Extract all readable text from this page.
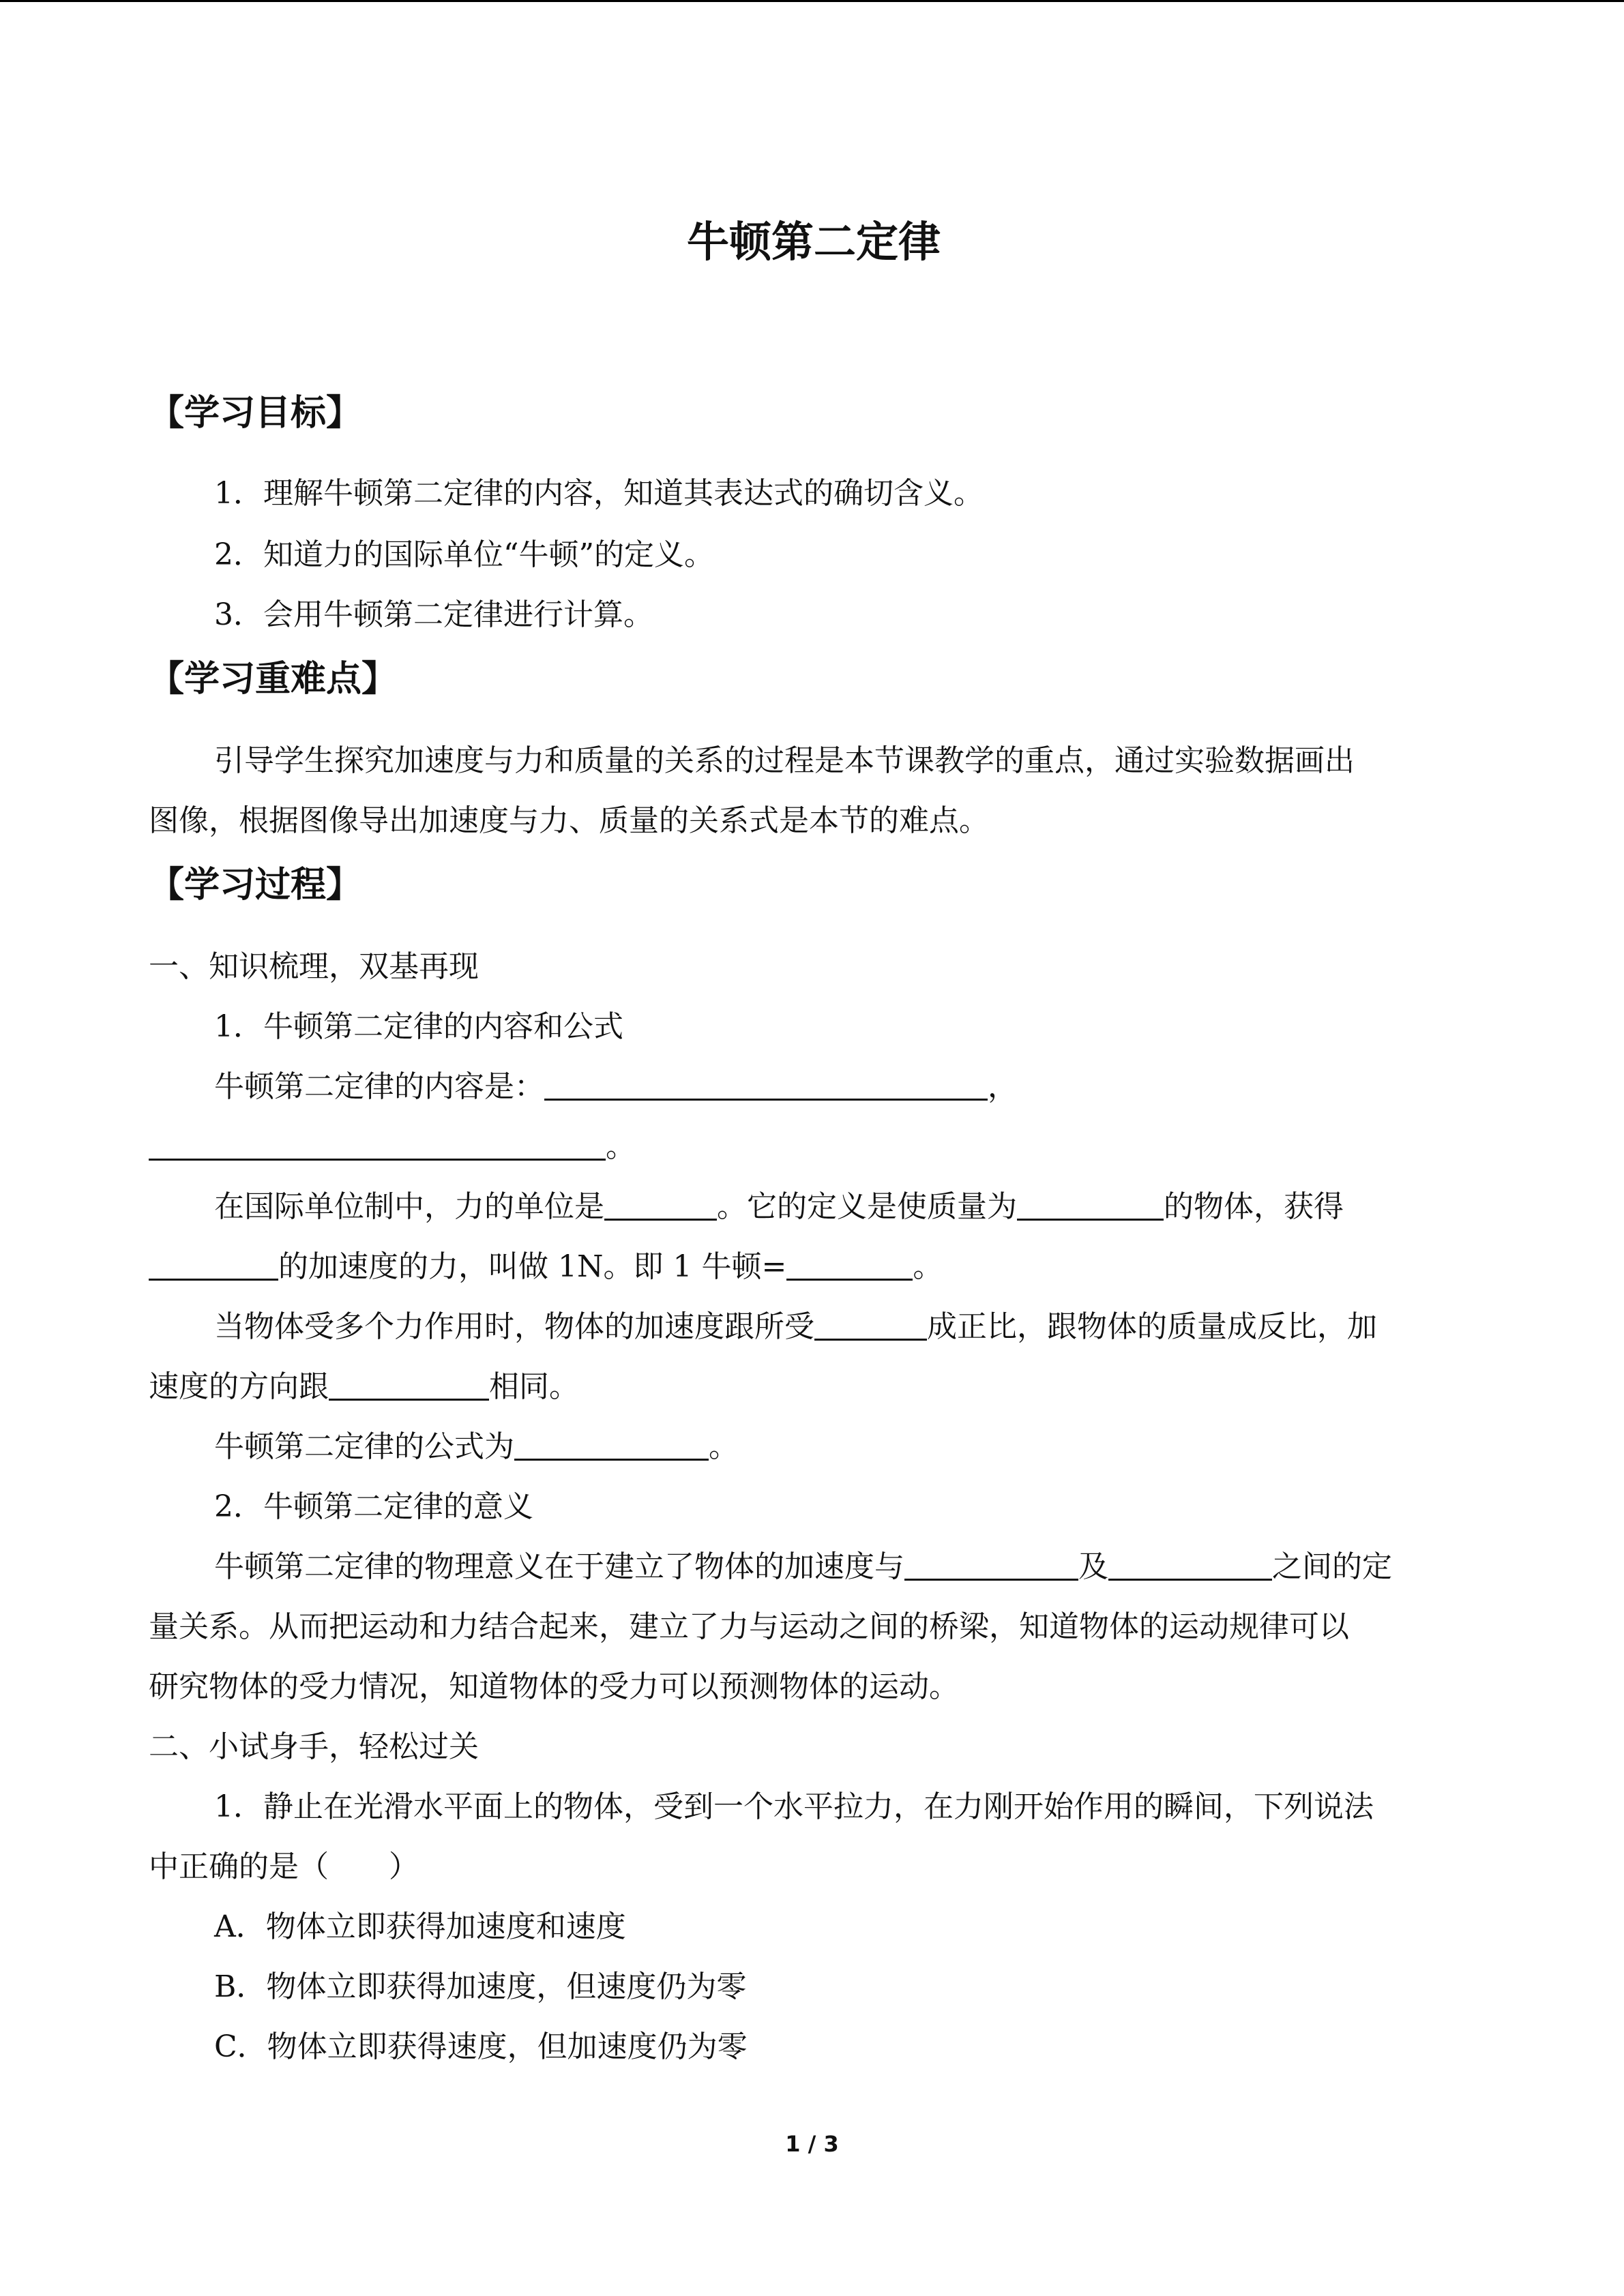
牛顿第二定律
【学习目标】
1．理解牛顿第二定律的内容，知道其表达式的确切含义。
2．知道力的国际单位“牛顿”的定义。
3．会用牛顿第二定律进行计算。
【学习重难点】
引导学生探究加速度与力和质量的关系的过程是本节课教学的重点，通过实验数据画出
图像，根据图像导出加速度与力、质量的关系式是本节的难点。
【学习过程】
一、知识梳理，双基再现
1．牛顿第二定律的内容和公式
牛顿第二定律的内容是：	，
。
在国际单位制中，力的单位是	。它的定义是使质量为	的物体，获得
的加速度的力，叫做 1N。即 1 牛顿=	。
当物体受多个力作用时，物体的加速度跟所受	成正比，跟物体的质量成反比，加
速度的方向跟	相同。
牛顿第二定律的公式为	。
2．牛顿第二定律的意义
牛顿第二定律的物理意义在于建立了物体的加速度与	及	之间的定
量关系。从而把运动和力结合起来，建立了力与运动之间的桥梁，知道物体的运动规律可以
研究物体的受力情况，知道物体的受力可以预测物体的运动。
二、小试身手，轻松过关
1．静止在光滑水平面上的物体，受到一个水平拉力，在力刚开始作用的瞬间，下列说法
中正确的是（　　）
A．物体立即获得加速度和速度
B．物体立即获得加速度，但速度仍为零
C．物体立即获得速度，但加速度仍为零
1 / 3
